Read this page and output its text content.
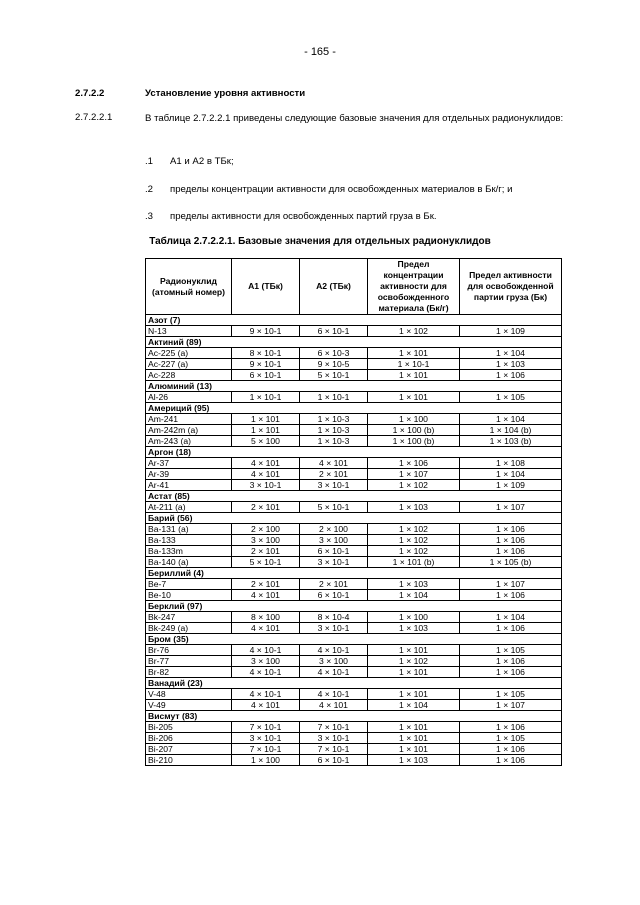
- 165 -
2.7.2.2	Установление уровня активности
2.7.2.2.1	В таблице 2.7.2.2.1 приведены следующие базовые значения для отдельных радионуклидов:
.1 А1 и А2 в ТБк;
.2 пределы концентрации активности для освобожденных материалов в Бк/г; и
.3 пределы активности для освобожденных партий груза в Бк.
Таблица 2.7.2.2.1. Базовые значения для отдельных радионуклидов
Радионуклид (атомный номер)	A1 (ТБк)	A2 (ТБк)	Предел концентрации активности для освобожденного материала (Бк/г)	Предел активности для освобожденной партии груза (Бк)
Азот (7)				
N-13	9 × 10-1	6 × 10-1	1 × 102	1 × 109
Актиний (89)				
Ac-225 (a)	8 × 10-1	6 × 10-3	1 × 101	1 × 104
Ac-227 (a)	9 × 10-1	9 × 10-5	1 × 10-1	1 × 103
Ac-228	6 × 10-1	5 × 10-1	1 × 101	1 × 106
Алюминий (13)				
Al-26	1 × 10-1	1 × 10-1	1 × 101	1 × 105
Америций (95)				
Am-241	1 × 101	1 × 10-3	1 × 100	1 × 104
Am-242m (a)	1 × 101	1 × 10-3	1 × 100 (b)	1 × 104 (b)
Am-243 (a)	5 × 100	1 × 10-3	1 × 100 (b)	1 × 103 (b)
Аргон (18)				
Ar-37	4 × 101	4 × 101	1 × 106	1 × 108
Ar-39	4 × 101	2 × 101	1 × 107	1 × 104
Ar-41	3 × 10-1	3 × 10-1	1 × 102	1 × 109
Астат (85)				
At-211 (a)	2 × 101	5 × 10-1	1 × 103	1 × 107
Барий (56)				
Ba-131 (a)	2 × 100	2 × 100	1 × 102	1 × 106
Ba-133	3 × 100	3 × 100	1 × 102	1 × 106
Ba-133m	2 × 101	6 × 10-1	1 × 102	1 × 106
Ba-140 (a)	5 × 10-1	3 × 10-1	1 × 101 (b)	1 × 105 (b)
Бериллий (4)				
Be-7	2 × 101	2 × 101	1 × 103	1 × 107
Be-10	4 × 101	6 × 10-1	1 × 104	1 × 106
Берклий (97)				
Bk-247	8 × 100	8 × 10-4	1 × 100	1 × 104
Bk-249 (a)	4 × 101	3 × 10-1	1 × 103	1 × 106
Бром (35)				
Br-76	4 × 10-1	4 × 10-1	1 × 101	1 × 105
Br-77	3 × 100	3 × 100	1 × 102	1 × 106
Br-82	4 × 10-1	4 × 10-1	1 × 101	1 × 106
Ванадий (23)				
V-48	4 × 10-1	4 × 10-1	1 × 101	1 × 105
V-49	4 × 101	4 × 101	1 × 104	1 × 107
Висмут (83)				
Bi-205	7 × 10-1	7 × 10-1	1 × 101	1 × 106
Bi-206	3 × 10-1	3 × 10-1	1 × 101	1 × 105
Bi-207	7 × 10-1	7 × 10-1	1 × 101	1 × 106
Bi-210	1 × 100	6 × 10-1	1 × 103	1 × 106
